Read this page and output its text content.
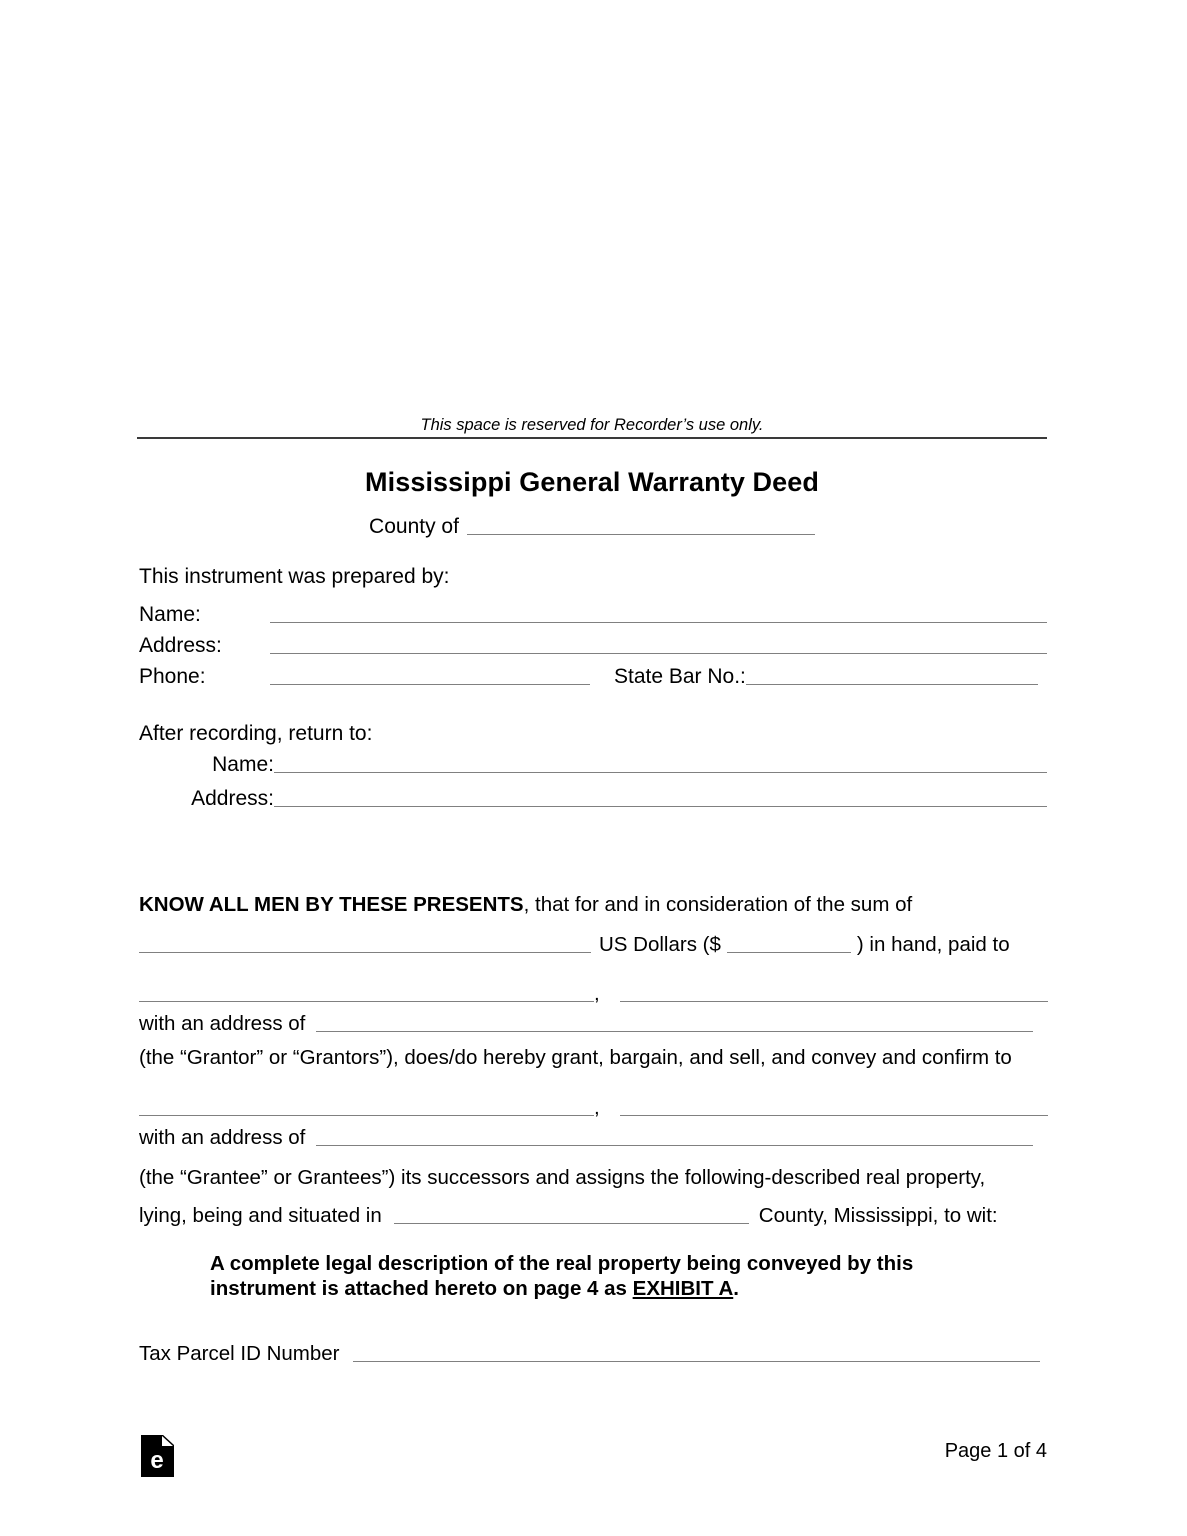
This space is reserved for Recorder’s use only.
Mississippi General Warranty Deed
County of
This instrument was prepared by:
Name:
Address:
Phone:	State Bar No.:
After recording, return to:
Name:
Address:
KNOW ALL MEN BY THESE PRESENTS, that for and in consideration of the sum of
US Dollars ($	) in hand, paid to
,
with an address of
(the “Grantor” or “Grantors”), does/do hereby grant, bargain, and sell, and convey and confirm to
,
with an address of
(the “Grantee” or Grantees”) its successors and assigns the following-described real property,
lying, being and situated in	County, Mississippi, to wit:
A complete legal description of the real property being conveyed by this
instrument is attached hereto on page 4 as EXHIBIT A.
Tax Parcel ID Number
e	Page 1 of 4
